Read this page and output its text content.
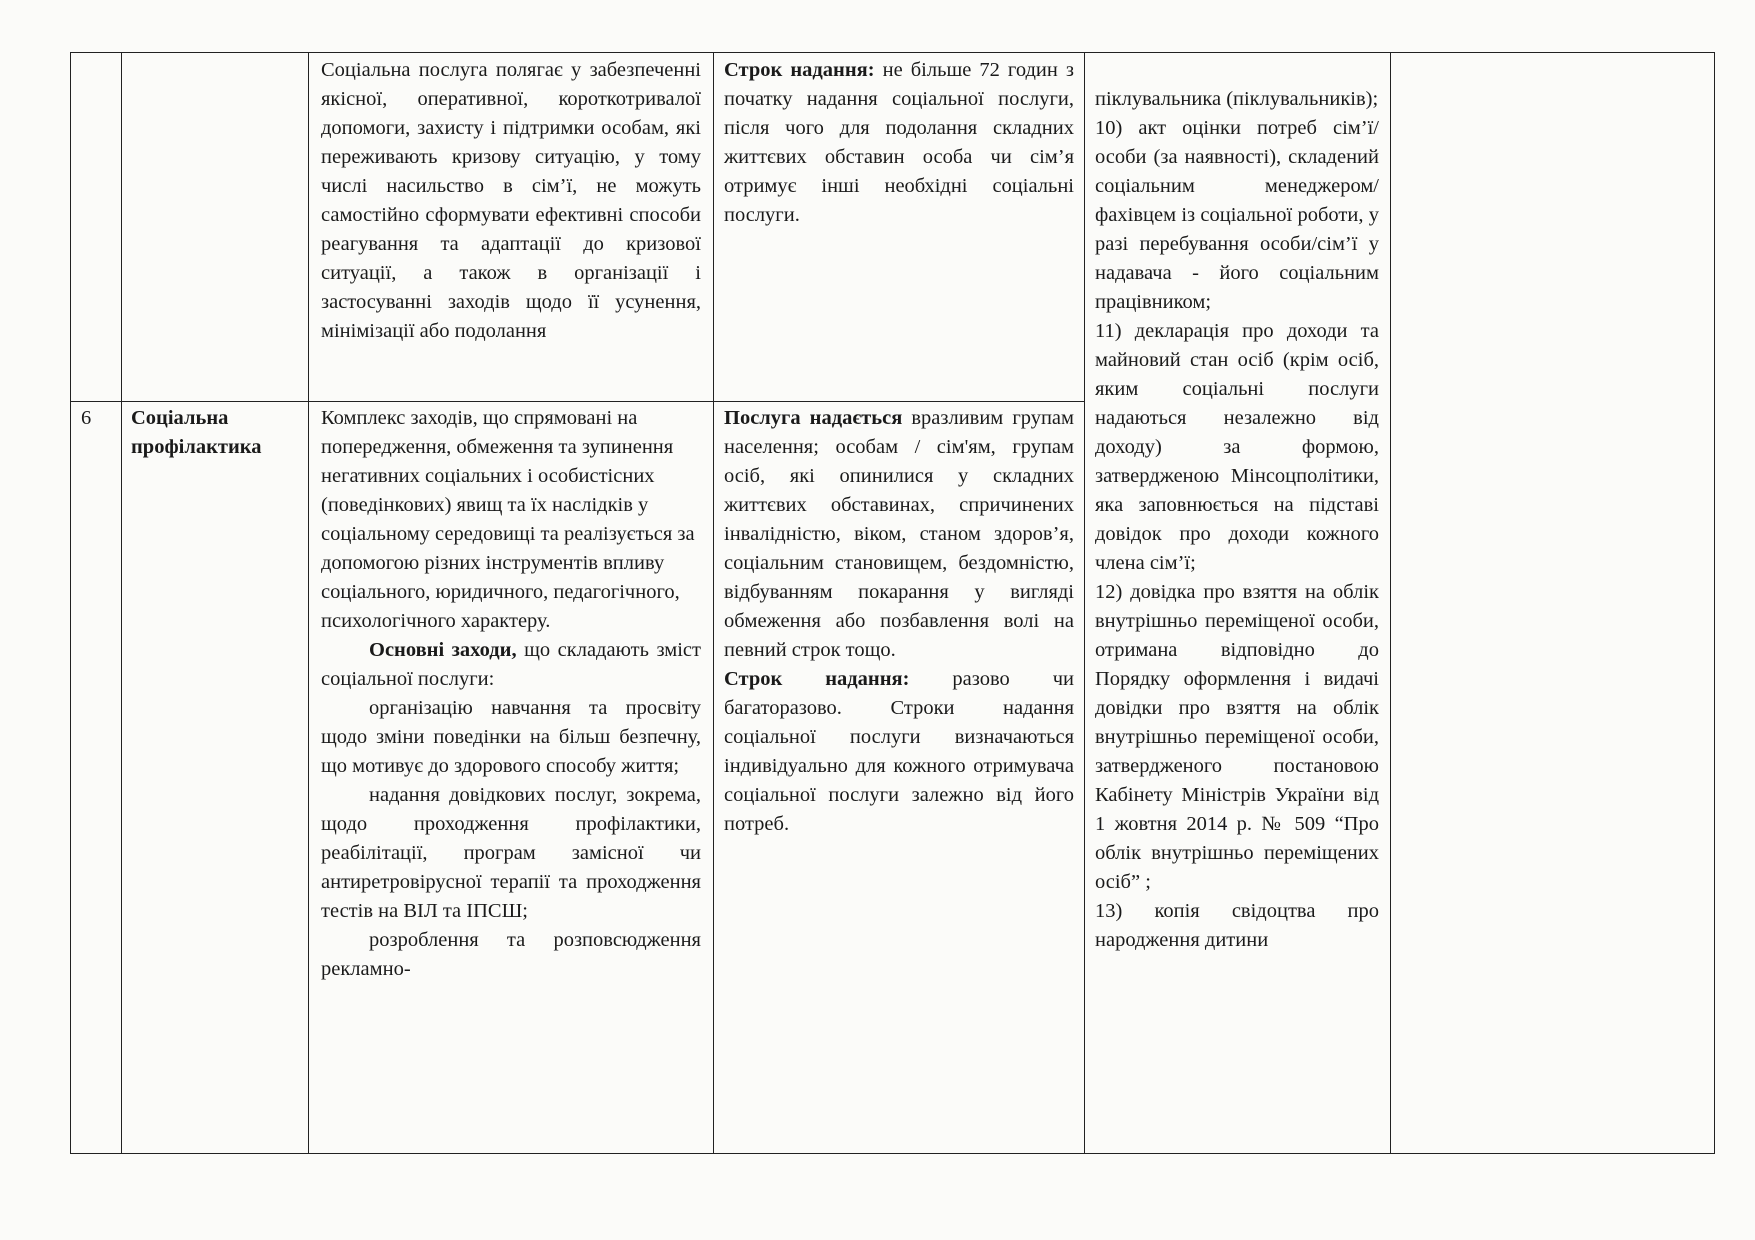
Соціальна послуга полягає у забезпеченні якісної, оперативної, короткотривалої допомоги, захисту і підтримки особам, які переживають кризову ситуацію, у тому числі насильство в сім’ї, не можуть самостійно сформувати ефективні способи реагування та адаптації до кризової ситуації, а також в організації і застосуванні заходів щодо її усунення, мінімізації або подолання

Строк надання: не більше 72 годин з початку надання соціальної послуги, після чого для подолання складних життєвих обставин особа чи сім’я отримує інші необхідні соціальні послуги.

6	Соціальна профілактика

Комплекс заходів, що спрямовані на попередження, обмеження та зупинення негативних соціальних і особистісних (поведінкових) явищ та їх наслідків у соціальному середовищі та реалізується за допомогою різних інструментів впливу соціального, юридичного, педагогічного, психологічного характеру.

Основні заходи, що складають зміст соціальної послуги:

організацію навчання та просвіту щодо зміни поведінки на більш безпечну, що мотивує до здорового способу життя;

надання довідкових послуг, зокрема, щодо проходження профілактики, реабілітації, програм замісної чи антиретровірусної терапії та проходження тестів на ВІЛ та ІПСШ;

розроблення та розповсюдження рекламно-

Послуга надається вразливим групам населення; особам / сім'ям, групам осіб, які опинилися у складних життєвих обставинах, спричинених інвалідністю, віком, станом здоров’я, соціальним становищем, бездомністю, відбуванням покарання у вигляді обмеження або позбавлення волі на певний строк тощо.

Строк надання: разово чи багаторазово. Строки надання соціальної послуги визначаються індивідуально для кожного отримувача соціальної послуги залежно від його потреб.

піклувальника (піклувальників);
10) акт оцінки потреб сім’ї/особи (за наявності), складений соціальним менеджером/фахівцем із соціальної роботи, у разі перебування особи/сім’ї у надавача - його соціальним працівником;
11) декларація про доходи та майновий стан осіб (крім осіб, яким соціальні послуги надаються незалежно від доходу) за формою, затвердженою Мінсоцполітики, яка заповнюється на підставі довідок про доходи кожного члена сім’ї;
12) довідка про взяття на облік внутрішньо переміщеної особи, отримана відповідно до Порядку оформлення і видачі довідки про взяття на облік внутрішньо переміщеної особи, затвердженого постановою Кабінету Міністрів України від 1 жовтня 2014 р. № 509 “Про облік внутрішньо переміщених осіб” ;
13) копія свідоцтва про народження дитини
